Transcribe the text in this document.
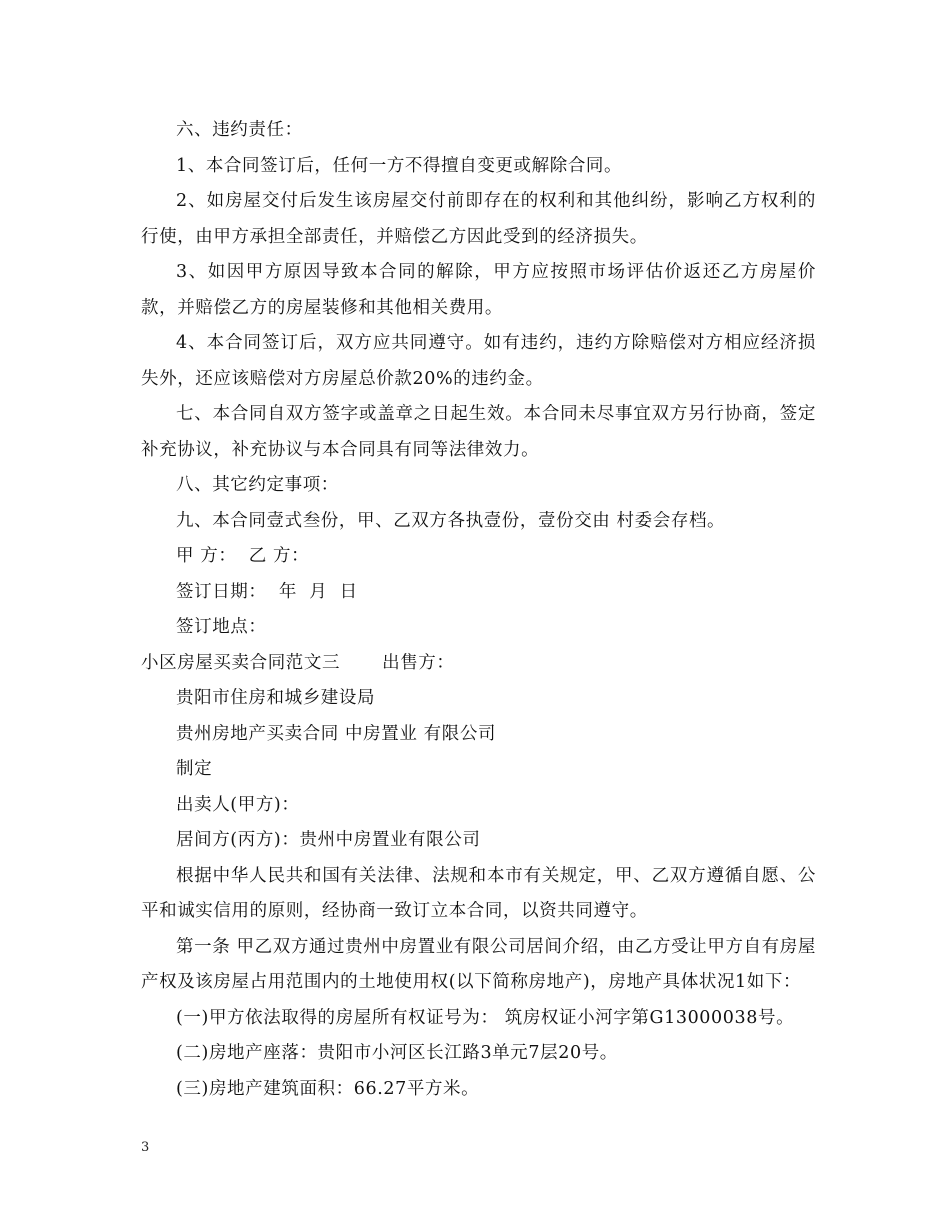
六、违约责任：

1、本合同签订后，任何一方不得擅自变更或解除合同。

2、如房屋交付后发生该房屋交付前即存在的权利和其他纠纷，影响乙方权利的行使，由甲方承担全部责任，并赔偿乙方因此受到的经济损失。

3、如因甲方原因导致本合同的解除，甲方应按照市场评估价返还乙方房屋价款，并赔偿乙方的房屋装修和其他相关费用。

4、本合同签订后，双方应共同遵守。如有违约，违约方除赔偿对方相应经济损失外，还应该赔偿对方房屋总价款20%的违约金。

七、本合同自双方签字或盖章之日起生效。本合同未尽事宜双方另行协商，签定补充协议，补充协议与本合同具有同等法律效力。

八、其它约定事项：

九、本合同壹式叁份，甲、乙双方各执壹份，壹份交由 村委会存档。

甲 方：  乙 方：

签订日期：  年  月  日

签订地点：

小区房屋买卖合同范文三 出售方：

贵阳市住房和城乡建设局

贵州房地产买卖合同 中房置业 有限公司

制定

出卖人(甲方)：

居间方(丙方)：贵州中房置业有限公司

根据中华人民共和国有关法律、法规和本市有关规定，甲、乙双方遵循自愿、公平和诚实信用的原则，经协商一致订立本合同，以资共同遵守。

第一条 甲乙双方通过贵州中房置业有限公司居间介绍，由乙方受让甲方自有房屋产权及该房屋占用范围内的土地使用权(以下简称房地产)，房地产具体状况1如下：

(一)甲方依法取得的房屋所有权证号为： 筑房权证小河字第G13000038号。

(二)房地产座落：贵阳市小河区长江路3单元7层20号。

(三)房地产建筑面积：66.27平方米。

3
